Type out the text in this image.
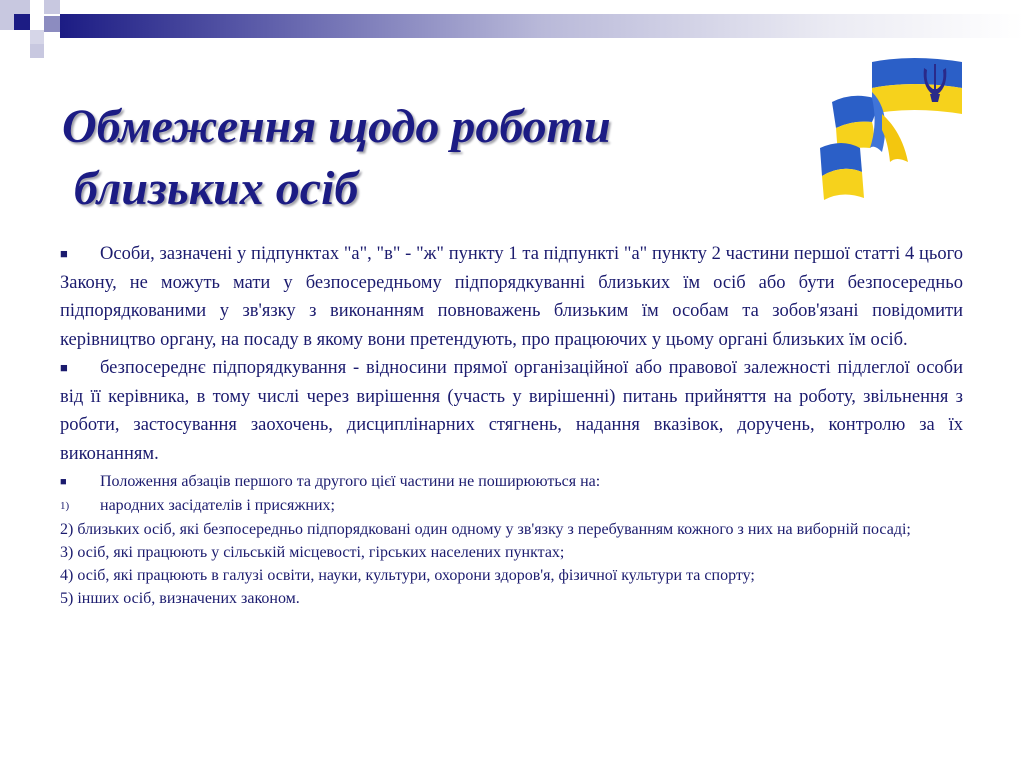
Обмеження щодо роботи
близьких осіб

■ Особи, зазначені у підпунктах "а", "в" - "ж" пункту 1 та підпункті "а" пункту 2 частини першої статті 4 цього Закону, не можуть мати у безпосередньому підпорядкуванні близьких їм осіб або бути безпосередньо підпорядкованими у зв'язку з виконанням повноважень близьким їм особам та зобов'язані повідомити керівництво органу, на посаду в якому вони претендують, про працюючих у цьому органі близьких їм осіб.

■ безпосереднє підпорядкування - відносини прямої організаційної або правової залежності підлеглої особи від її керівника, в тому числі через вирішення (участь у вирішенні) питань прийняття на роботу, звільнення з роботи, застосування заохочень, дисциплінарних стягнень, надання вказівок, доручень, контролю за їх виконанням.

■ Положення абзаців першого та другого цієї частини не поширюються на:

1) народних засідателів і присяжних;

2) близьких осіб, які безпосередньо підпорядковані один одному у зв'язку з перебуванням кожного з них на виборній посаді;

3) осіб, які працюють у сільській місцевості, гірських населених пунктах;

4) осіб, які працюють в галузі освіти, науки, культури, охорони здоров'я, фізичної культури та спорту;

5) інших осіб, визначених законом.
